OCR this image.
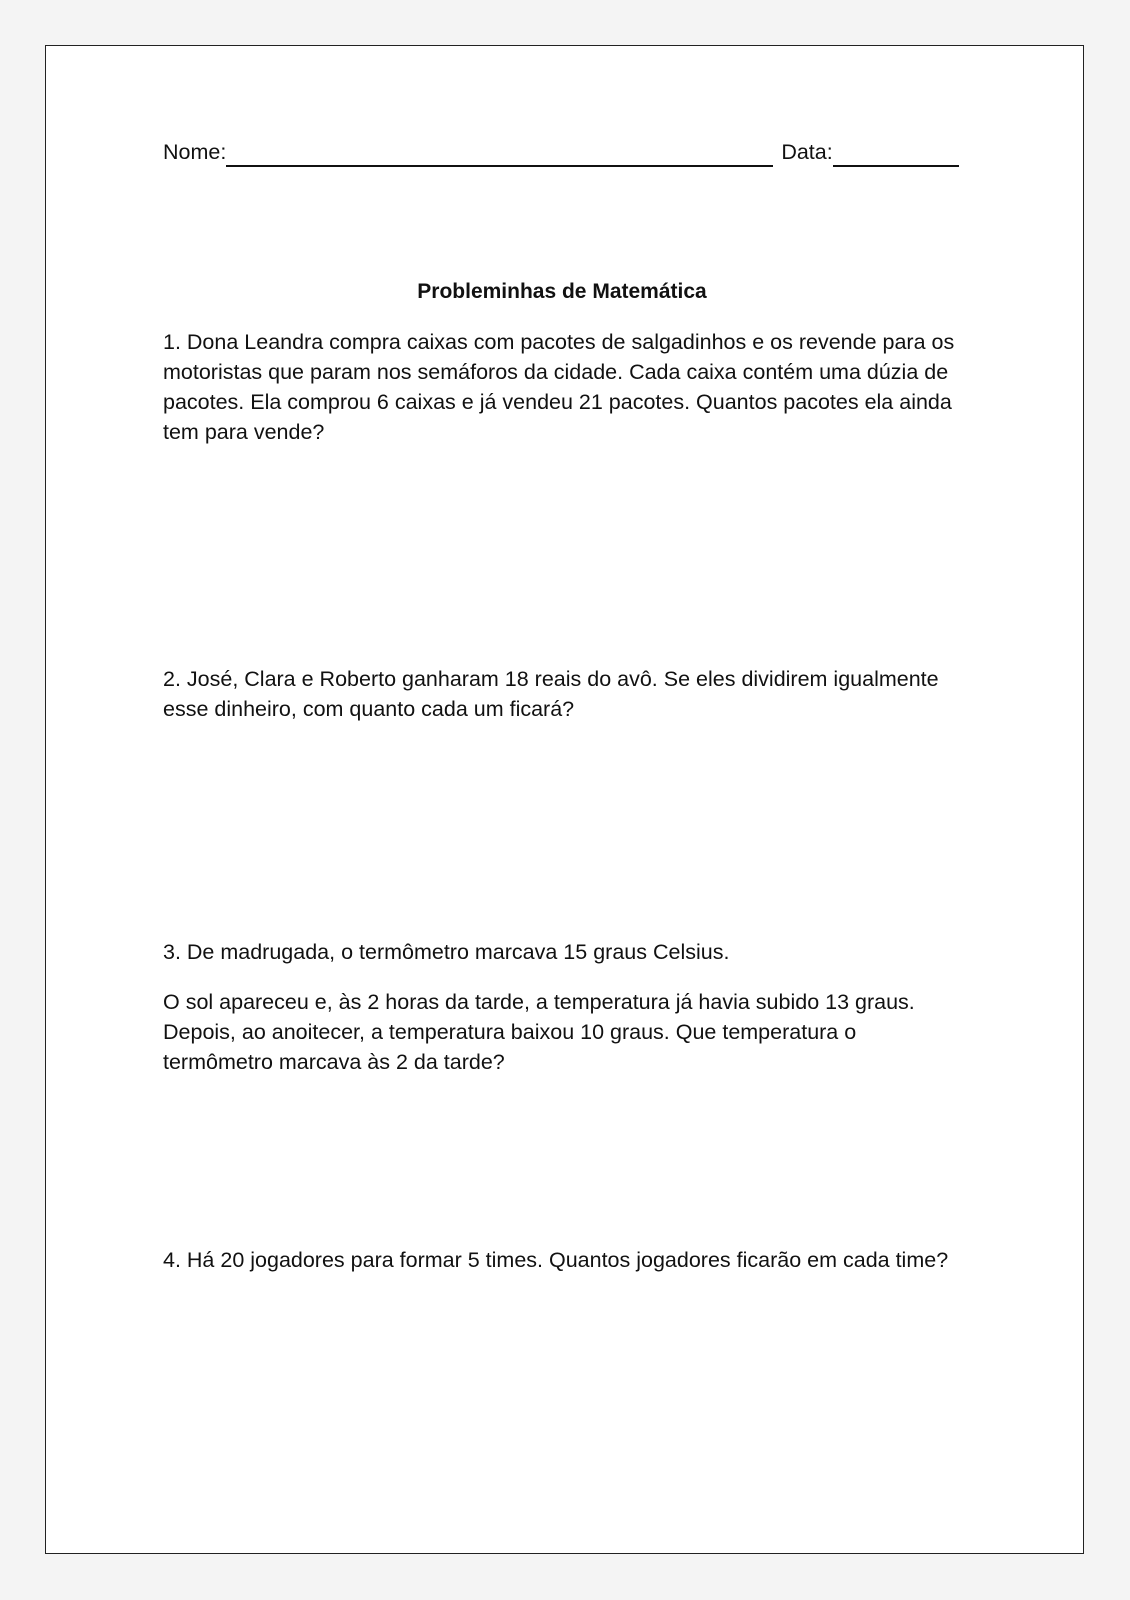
Nome:	Data:
Probleminhas de Matemática

1. Dona Leandra compra caixas com pacotes de salgadinhos e os revende para os motoristas que param nos semáforos da cidade. Cada caixa contém uma dúzia de pacotes. Ela comprou 6 caixas e já vendeu 21 pacotes. Quantos pacotes ela ainda tem para vende?

2. José, Clara e Roberto ganharam 18 reais do avô. Se eles dividirem igualmente esse dinheiro, com quanto cada um ficará?

3. De madrugada, o termômetro marcava 15 graus Celsius.

O sol apareceu e, às 2 horas da tarde, a temperatura já havia subido 13 graus. Depois, ao anoitecer, a temperatura baixou 10 graus. Que temperatura o termômetro marcava às 2 da tarde?

4. Há 20 jogadores para formar 5 times. Quantos jogadores ficarão em cada time?
